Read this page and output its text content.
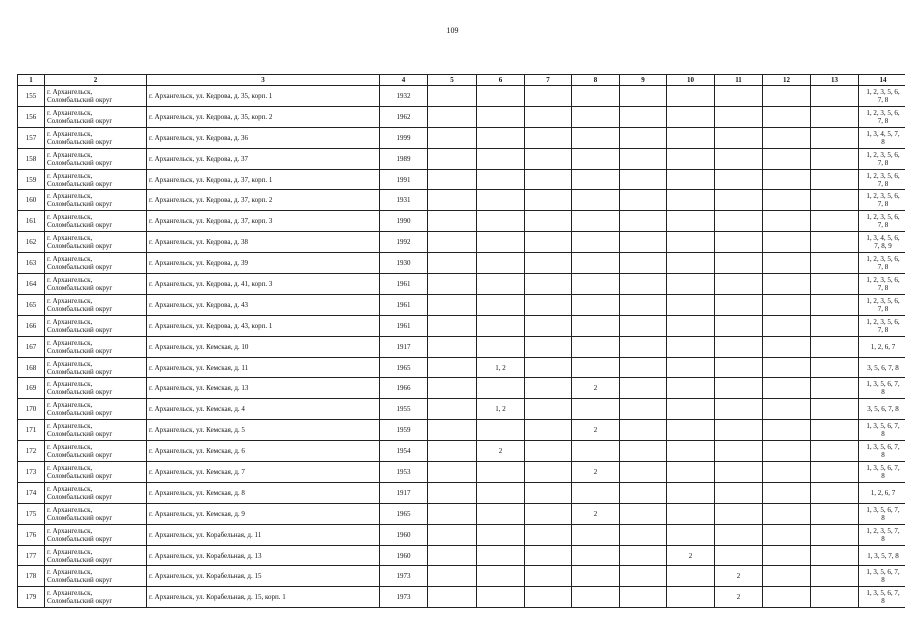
109
1	2	3	4	5	6	7	8	9	10	11	12	13	14
155	г. Архангельск,
Соломбальский округ	г. Архангельск, ул. Кедрова, д. 35, корп. 1	1932										1, 2, 3, 5, 6,
7, 8

156	г. Архангельск,
Соломбальский округ	г. Архангельск, ул. Кедрова, д. 35, корп. 2	1962										1, 2, 3, 5, 6,
7, 8

157	г. Архангельск,
Соломбальский округ	г. Архангельск, ул. Кедрова, д. 36	1999										1, 3, 4, 5, 7,
8

158	г. Архангельск,
Соломбальский округ	г. Архангельск, ул. Кедрова, д. 37	1989										1, 2, 3, 5, 6,
7, 8

159	г. Архангельск,
Соломбальский округ	г. Архангельск, ул. Кедрова, д. 37, корп. 1	1991										1, 2, 3, 5, 6,
7, 8

160	г. Архангельск,
Соломбальский округ	г. Архангельск, ул. Кедрова, д. 37, корп. 2	1931										1, 2, 3, 5, 6,
7, 8

161	г. Архангельск,
Соломбальский округ	г. Архангельск, ул. Кедрова, д. 37, корп. 3	1990										1, 2, 3, 5, 6,
7, 8

162	г. Архангельск,
Соломбальский округ	г. Архангельск, ул. Кедрова, д. 38	1992										1, 3, 4, 5, 6,
7, 8, 9

163	г. Архангельск,
Соломбальский округ	г. Архангельск, ул. Кедрова, д. 39	1930										1, 2, 3, 5, 6,
7, 8

164	г. Архангельск,
Соломбальский округ	г. Архангельск, ул. Кедрова, д. 41, корп. 3	1961										1, 2, 3, 5, 6,
7, 8

165	г. Архангельск,
Соломбальский округ	г. Архангельск, ул. Кедрова, д. 43	1961										1, 2, 3, 5, 6,
7, 8

166	г. Архангельск,
Соломбальский округ	г. Архангельск, ул. Кедрова, д. 43, корп. 1	1961										1, 2, 3, 5, 6,
7, 8

167	г. Архангельск,
Соломбальский округ	г. Архангельск, ул. Кемская, д. 10	1917										1, 2, 6, 7

168	г. Архангельск,
Соломбальский округ	г. Архангельск, ул. Кемская, д. 11	1965		1, 2								3, 5, 6, 7, 8

169	г. Архангельск,
Соломбальский округ	г. Архангельск, ул. Кемская, д. 13	1966				2						1, 3, 5, 6, 7,
8

170	г. Архангельск,
Соломбальский округ	г. Архангельск, ул. Кемская, д. 4	1955		1, 2								3, 5, 6, 7, 8

171	г. Архангельск,
Соломбальский округ	г. Архангельск, ул. Кемская, д. 5	1959				2						1, 3, 5, 6, 7,
8

172	г. Архангельск,
Соломбальский округ	г. Архангельск, ул. Кемская, д. 6	1954		2								1, 3, 5, 6, 7,
8

173	г. Архангельск,
Соломбальский округ	г. Архангельск, ул. Кемская, д. 7	1953				2						1, 3, 5, 6, 7,
8

174	г. Архангельск,
Соломбальский округ	г. Архангельск, ул. Кемская, д. 8	1917										1, 2, 6, 7

175	г. Архангельск,
Соломбальский округ	г. Архангельск, ул. Кемская, д. 9	1965				2						1, 3, 5, 6, 7,
8

176	г. Архангельск,
Соломбальский округ	г. Архангельск, ул. Корабельная, д. 11	1960										1, 2, 3, 5, 7,
8

177	г. Архангельск,
Соломбальский округ	г. Архангельск, ул. Корабельная, д. 13	1960						2				1, 3, 5, 7, 8

178	г. Архангельск,
Соломбальский округ	г. Архангельск, ул. Корабельная, д. 15	1973							2			1, 3, 5, 6, 7,
8

179	г. Архангельск,
Соломбальский округ	г. Архангельск, ул. Корабельная, д. 15, корп. 1	1973							2			1, 3, 5, 6, 7,
8
